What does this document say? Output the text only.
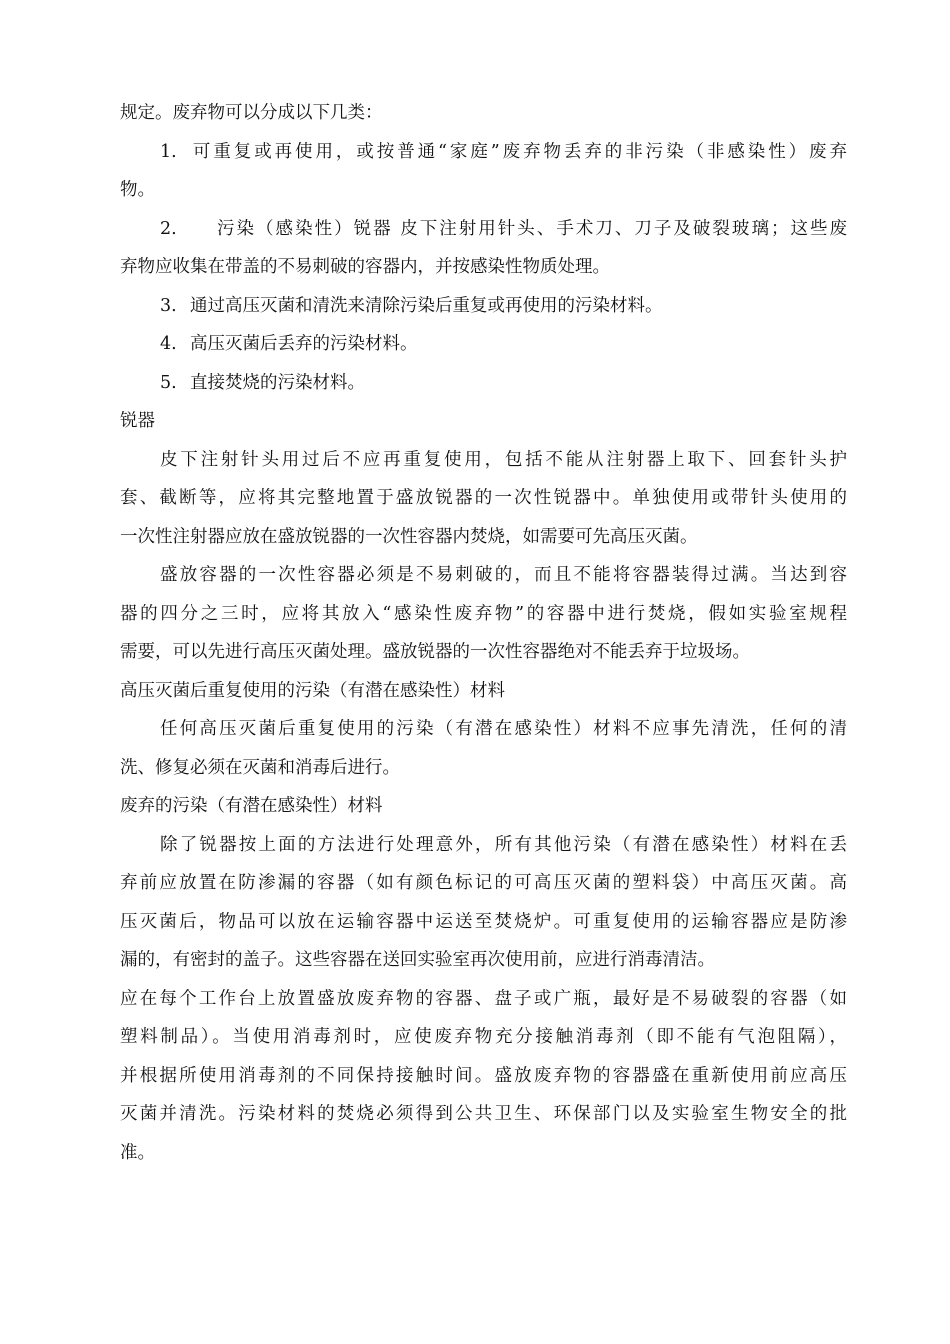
规定。废弃物可以分成以下几类：
1. 可重复或再使用，或按普通“家庭”废弃物丢弃的非污染（非感染性）废弃
物。
2. 污染（感染性）锐器 皮下注射用针头、手术刀、刀子及破裂玻璃；这些废
弃物应收集在带盖的不易刺破的容器内，并按感染性物质处理。
3. 通过高压灭菌和清洗来清除污染后重复或再使用的污染材料。
4. 高压灭菌后丢弃的污染材料。
5. 直接焚烧的污染材料。
锐器
皮下注射针头用过后不应再重复使用，包括不能从注射器上取下、回套针头护
套、截断等，应将其完整地置于盛放锐器的一次性锐器中。单独使用或带针头使用的
一次性注射器应放在盛放锐器的一次性容器内焚烧，如需要可先高压灭菌。
盛放容器的一次性容器必须是不易刺破的，而且不能将容器装得过满。当达到容
器的四分之三时，应将其放入“感染性废弃物”的容器中进行焚烧，假如实验室规程
需要，可以先进行高压灭菌处理。盛放锐器的一次性容器绝对不能丢弃于垃圾场。
高压灭菌后重复使用的污染（有潜在感染性）材料
任何高压灭菌后重复使用的污染（有潜在感染性）材料不应事先清洗，任何的清
洗、修复必须在灭菌和消毒后进行。
废弃的污染（有潜在感染性）材料
除了锐器按上面的方法进行处理意外，所有其他污染（有潜在感染性）材料在丢
弃前应放置在防渗漏的容器（如有颜色标记的可高压灭菌的塑料袋）中高压灭菌。高
压灭菌后，物品可以放在运输容器中运送至焚烧炉。可重复使用的运输容器应是防渗
漏的，有密封的盖子。这些容器在送回实验室再次使用前，应进行消毒清洁。
应在每个工作台上放置盛放废弃物的容器、盘子或广瓶，最好是不易破裂的容器（如
塑料制品）。当使用消毒剂时，应使废弃物充分接触消毒剂（即不能有气泡阻隔），
并根据所使用消毒剂的不同保持接触时间。盛放废弃物的容器盛在重新使用前应高压
灭菌并清洗。污染材料的焚烧必须得到公共卫生、环保部门以及实验室生物安全的批
准。
